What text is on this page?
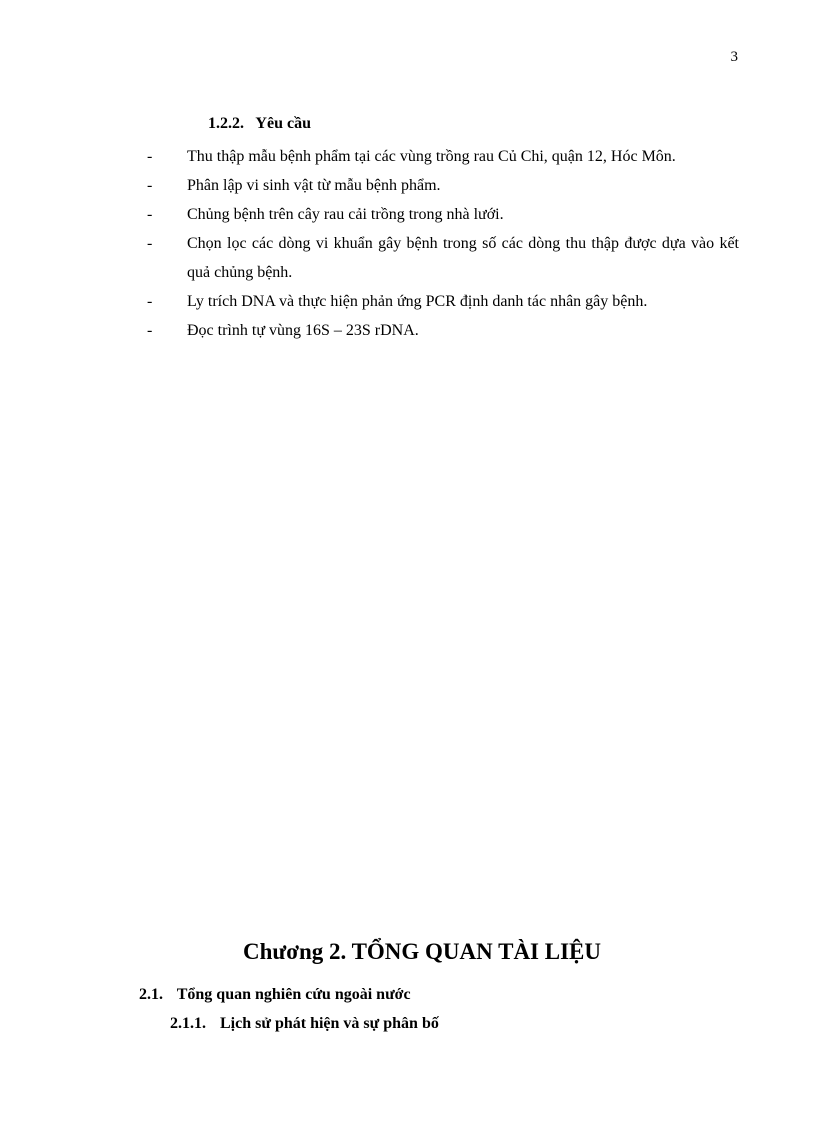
3
1.2.2. Yêu cầu
- Thu thập mẫu bệnh phẩm tại các vùng trồng rau Củ Chi, quận 12, Hóc Môn.
- Phân lập vi sinh vật từ mẫu bệnh phẩm.
- Chủng bệnh trên cây rau cải trồng trong nhà lưới.
- Chọn lọc các dòng vi khuẩn gây bệnh trong số các dòng thu thập được dựa vào kết quả chủng bệnh.
- Ly trích DNA và thực hiện phản ứng PCR định danh tác nhân gây bệnh.
- Đọc trình tự vùng 16S – 23S rDNA.
Chương 2. TỔNG QUAN TÀI LIỆU
2.1. Tổng quan nghiên cứu ngoài nước
2.1.1. Lịch sử phát hiện và sự phân bố
